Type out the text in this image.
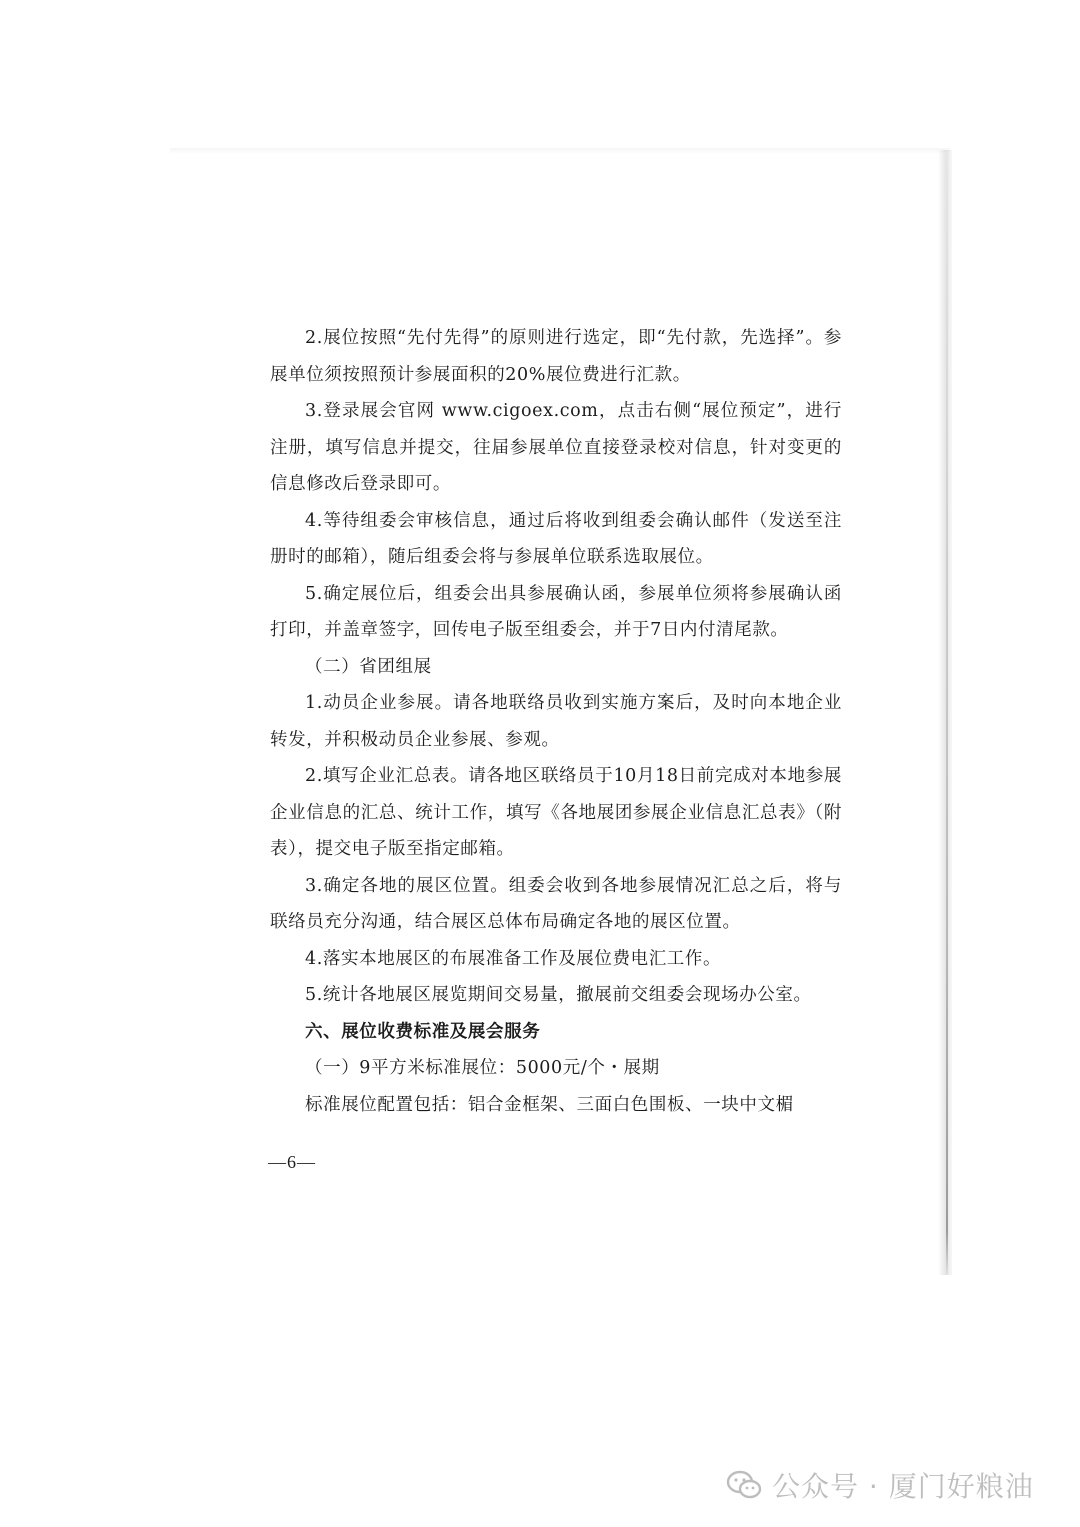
2.展位按照“先付先得”的原则进行选定，即“先付款，先选择”。参展单位须按照预计参展面积的20%展位费进行汇款。

3.登录展会官网 www.cigoex.com，点击右侧“展位预定”，进行注册，填写信息并提交，往届参展单位直接登录校对信息，针对变更的信息修改后登录即可。

4.等待组委会审核信息，通过后将收到组委会确认邮件（发送至注册时的邮箱），随后组委会将与参展单位联系选取展位。

5.确定展位后，组委会出具参展确认函，参展单位须将参展确认函打印，并盖章签字，回传电子版至组委会，并于7日内付清尾款。

（二）省团组展

1.动员企业参展。请各地联络员收到实施方案后，及时向本地企业转发，并积极动员企业参展、参观。

2.填写企业汇总表。请各地区联络员于10月18日前完成对本地参展企业信息的汇总、统计工作，填写《各地展团参展企业信息汇总表》（附表），提交电子版至指定邮箱。

3.确定各地的展区位置。组委会收到各地参展情况汇总之后，将与联络员充分沟通，结合展区总体布局确定各地的展区位置。

4.落实本地展区的布展准备工作及展位费电汇工作。

5.统计各地展区展览期间交易量，撤展前交组委会现场办公室。

六、展位收费标准及展会服务

（一）9平方米标准展位：5000元/个・展期

标准展位配置包括：铝合金框架、三面白色围板、一块中文楣

—6—
公众号 · 厦门好粮油
